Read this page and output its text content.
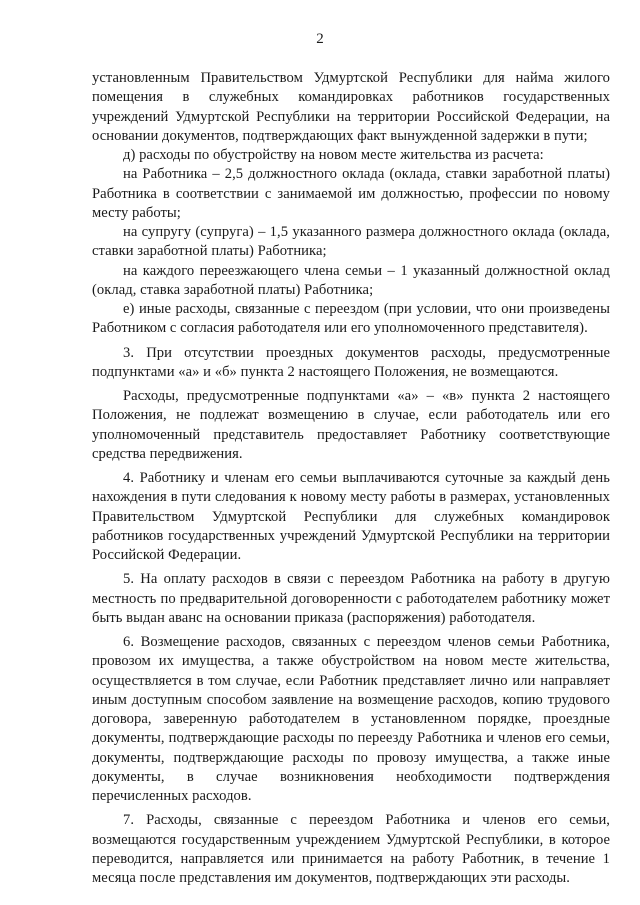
2

установленным Правительством Удмуртской Республики для найма жилого помещения в служебных командировках работников государственных учреждений Удмуртской Республики на территории Российской Федерации, на основании документов, подтверждающих факт вынужденной задержки в пути;

д) расходы по обустройству на новом месте жительства из расчета:

на Работника – 2,5 должностного оклада (оклада, ставки заработной платы) Работника в соответствии с занимаемой им должностью, профессии по новому месту работы;

на супругу (супруга) – 1,5 указанного размера должностного оклада (оклада, ставки заработной платы) Работника;

на каждого переезжающего члена семьи – 1 указанный должностной оклад (оклад, ставка заработной платы) Работника;

е) иные расходы, связанные с переездом (при условии, что они произведены Работником с согласия работодателя или его уполномоченного представителя).

3. При отсутствии проездных документов расходы, предусмотренные подпунктами «а» и «б» пункта 2 настоящего Положения, не возмещаются.

Расходы, предусмотренные подпунктами «а» – «в» пункта 2 настоящего Положения, не подлежат возмещению в случае, если работодатель или его уполномоченный представитель предоставляет Работнику соответствующие средства передвижения.

4. Работнику и членам его семьи выплачиваются суточные за каждый день нахождения в пути следования к новому месту работы в размерах, установленных Правительством Удмуртской Республики для служебных командировок работников государственных учреждений Удмуртской Республики на территории Российской Федерации.

5. На оплату расходов в связи с переездом Работника на работу в другую местность по предварительной договоренности с работодателем работнику может быть выдан аванс на основании приказа (распоряжения) работодателя.

6. Возмещение расходов, связанных с переездом членов семьи Работника, провозом их имущества, а также обустройством на новом месте жительства, осуществляется в том случае, если Работник представляет лично или направляет иным доступным способом заявление на возмещение расходов, копию трудового договора, заверенную работодателем в установленном порядке, проездные документы, подтверждающие расходы по переезду Работника и членов его семьи, документы, подтверждающие расходы по провозу имущества, а также иные документы, в случае возникновения необходимости подтверждения перечисленных расходов.

7. Расходы, связанные с переездом Работника и членов его семьи, возмещаются государственным учреждением Удмуртской Республики, в которое переводится, направляется или принимается на работу Работник, в течение 1 месяца после представления им документов, подтверждающих эти расходы.
